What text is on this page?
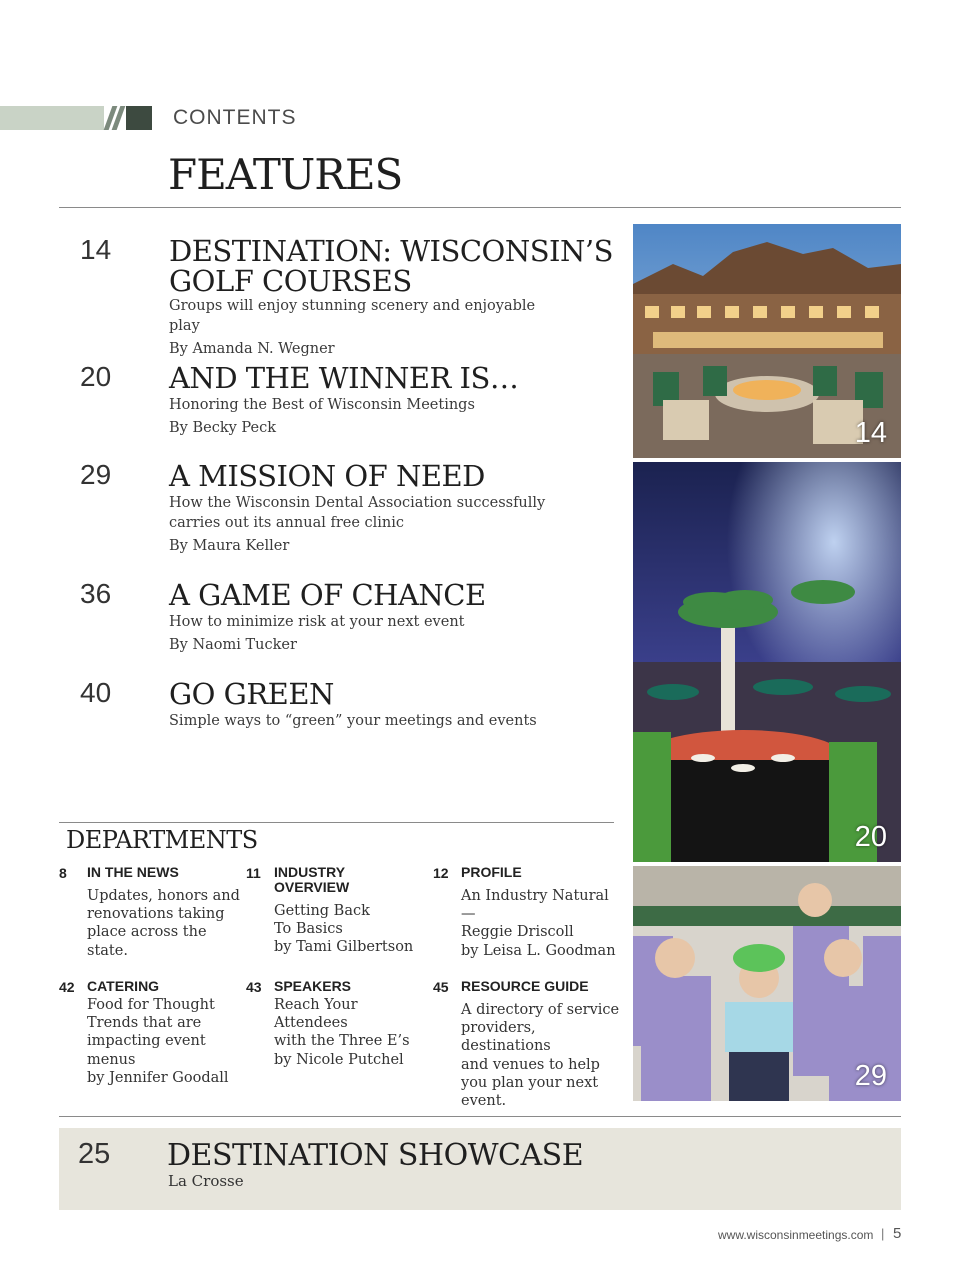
CONTENTS
FEATURES
14 DESTINATION: WISCONSIN’S
GOLF COURSES
Groups will enjoy stunning scenery and enjoyable play
By Amanda N. Wegner
20 AND THE WINNER IS…
Honoring the Best of Wisconsin Meetings
By Becky Peck
29 A MISSION OF NEED
How the Wisconsin Dental Association successfully
carries out its annual free clinic
By Maura Keller
36 A GAME OF CHANCE
How to minimize risk at your next event
By Naomi Tucker
40 GO GREEN
Simple ways to “green” your meetings and events
DEPARTMENTS
8 IN THE NEWS
Updates, honors and
renovations taking
place across the state.
11 INDUSTRY
OVERVIEW
Getting Back
To Basics
by Tami Gilbertson
12 PROFILE
An Industry Natural —
Reggie Driscoll
by Leisa L. Goodman
42 CATERING
Food for Thought
Trends that are
impacting event
menus
by Jennifer Goodall
43 SPEAKERS
Reach Your Attendees
with the Three E’s
by Nicole Putchel
45 RESOURCE GUIDE
A directory of service
providers, destinations
and venues to help
you plan your next
event.
14
20
29
25 DESTINATION SHOWCASE
La Crosse
www.wisconsinmeetings.com | 5
